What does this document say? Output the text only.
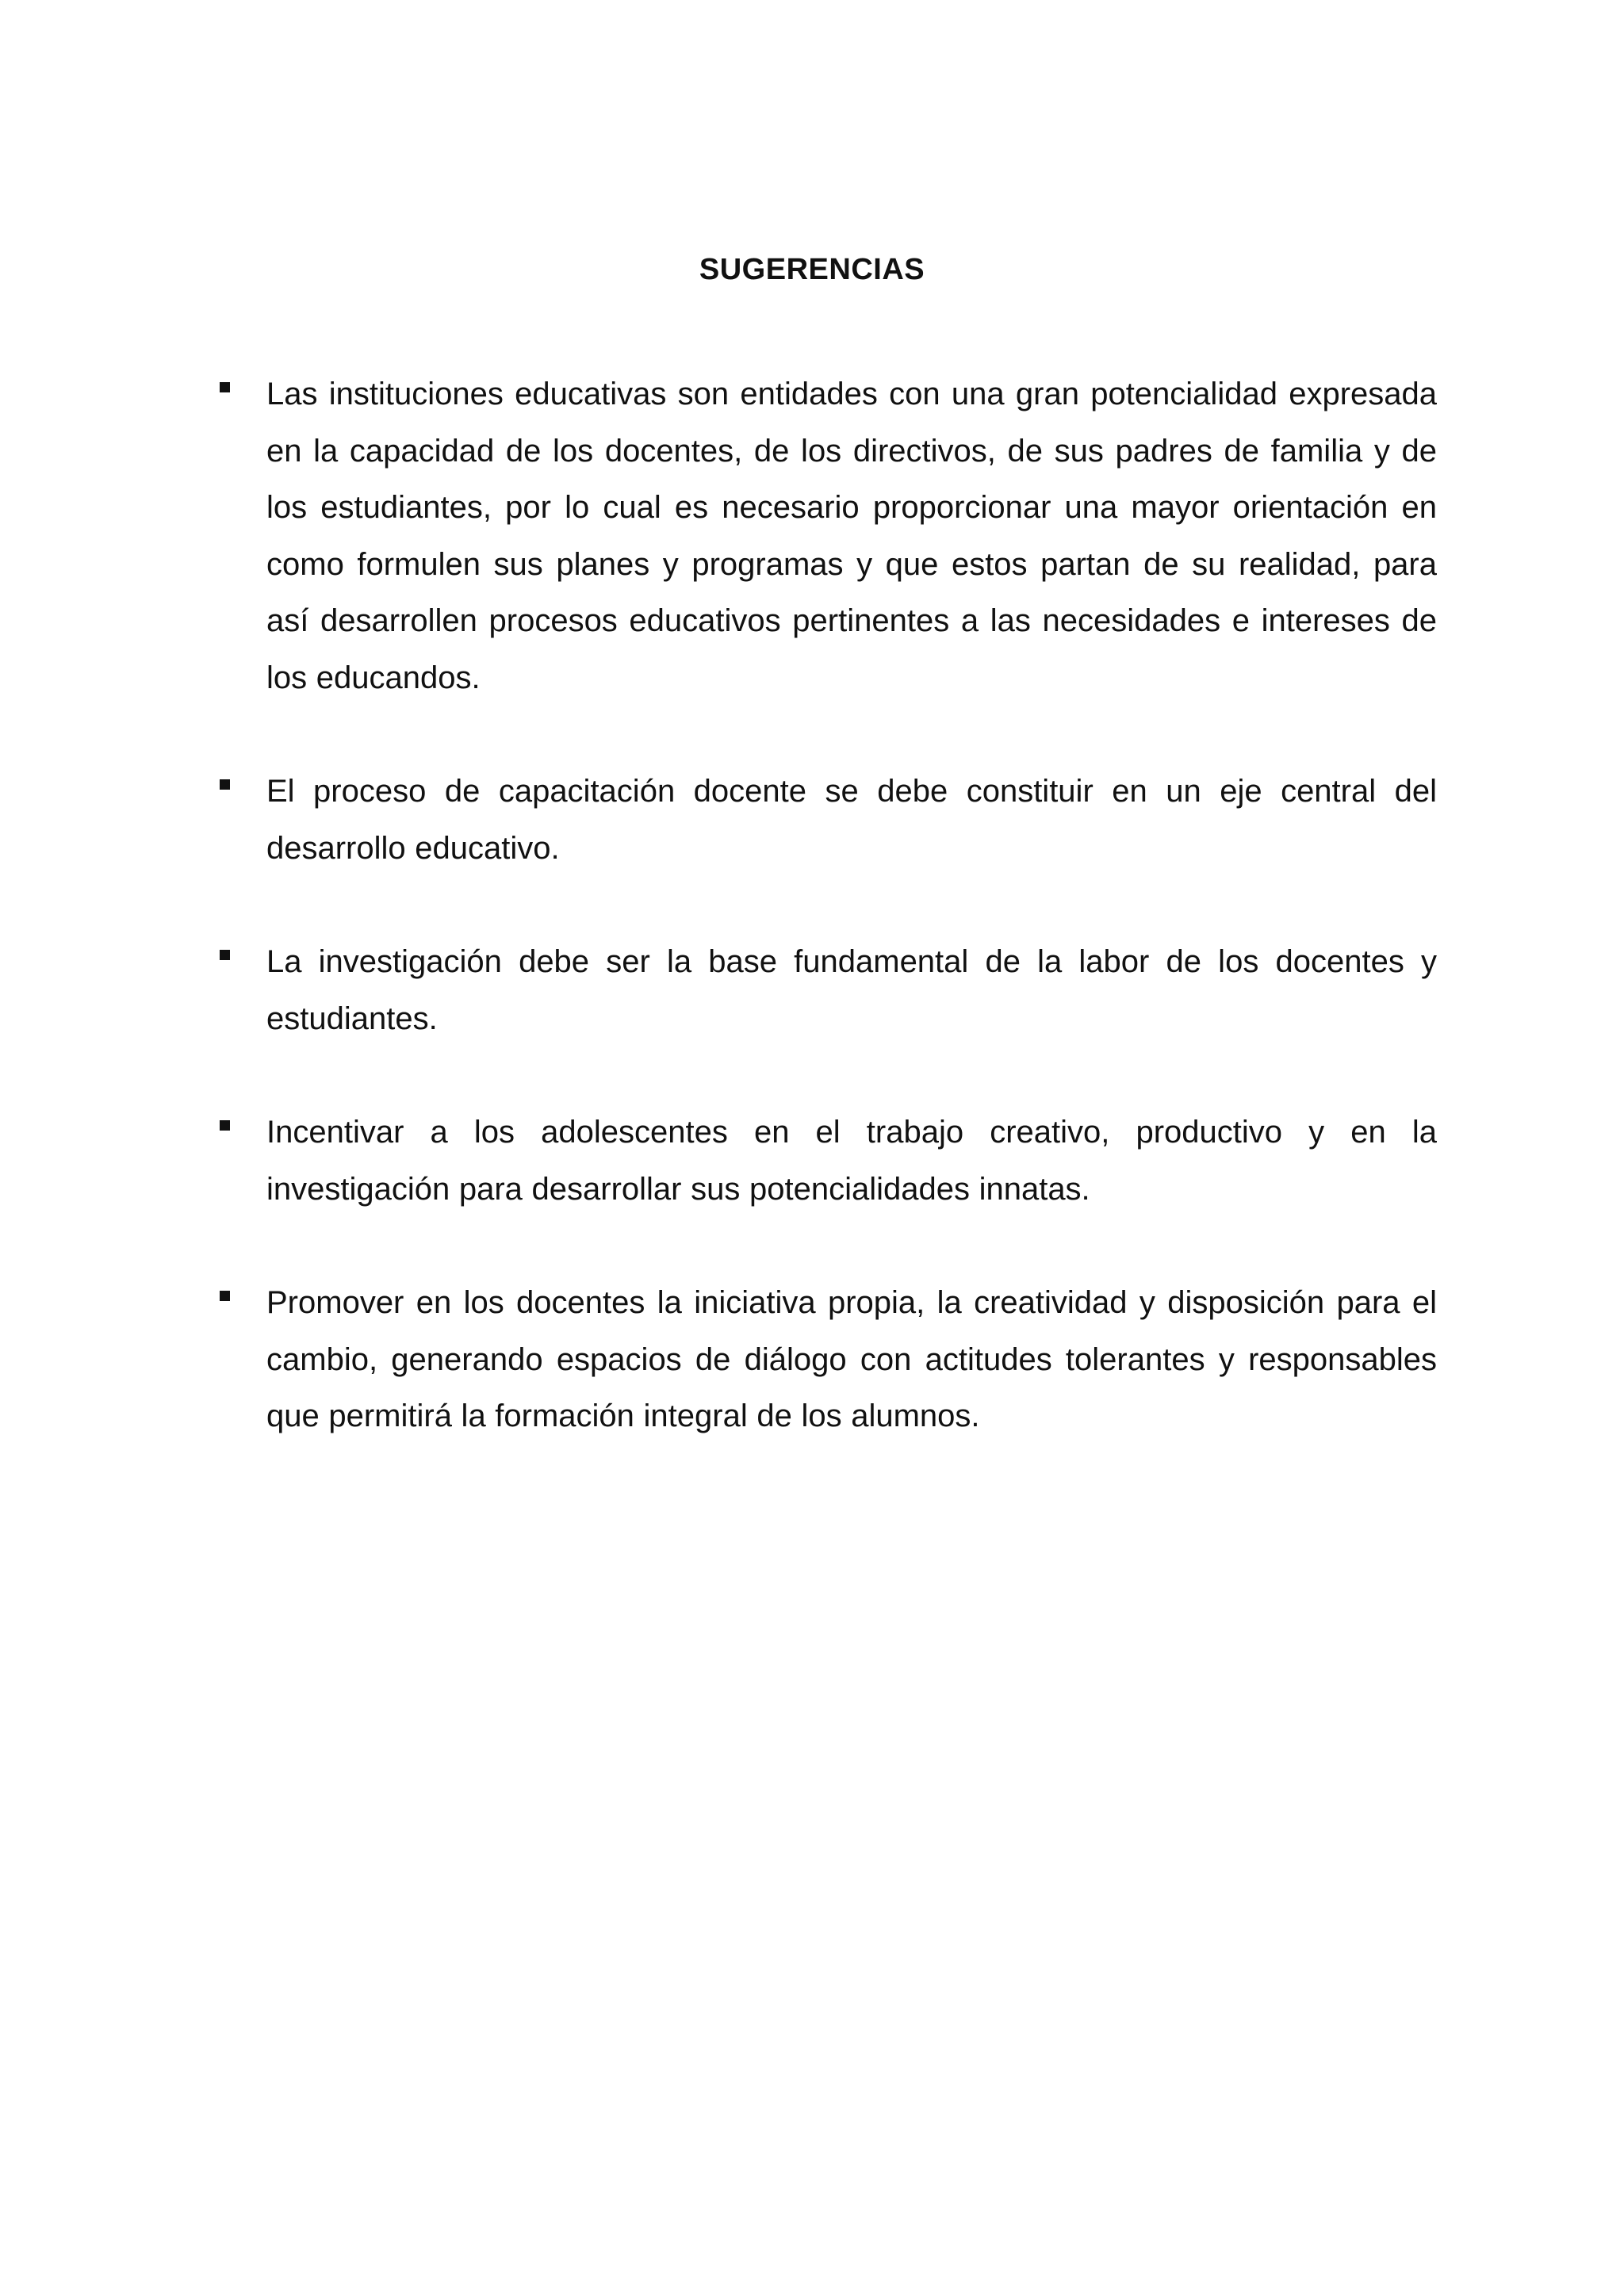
SUGERENCIAS
Las instituciones educativas son entidades con una gran potencialidad expresada en la capacidad de los docentes, de los directivos, de sus padres de familia y de los estudiantes, por lo cual es necesario proporcionar una mayor orientación en como formulen sus planes y programas y que estos partan de su realidad, para así desarrollen procesos educativos pertinentes a las necesidades e intereses de los educandos.
El proceso de capacitación docente se debe constituir en un eje central del desarrollo educativo.
La investigación debe ser la base fundamental de la labor de los docentes y estudiantes.
Incentivar a los adolescentes en el trabajo creativo, productivo y en la investigación para desarrollar sus potencialidades innatas.
Promover en los docentes la iniciativa propia, la creatividad y disposición para el cambio, generando espacios de diálogo con actitudes tolerantes y responsables que permitirá la formación integral de los alumnos.
